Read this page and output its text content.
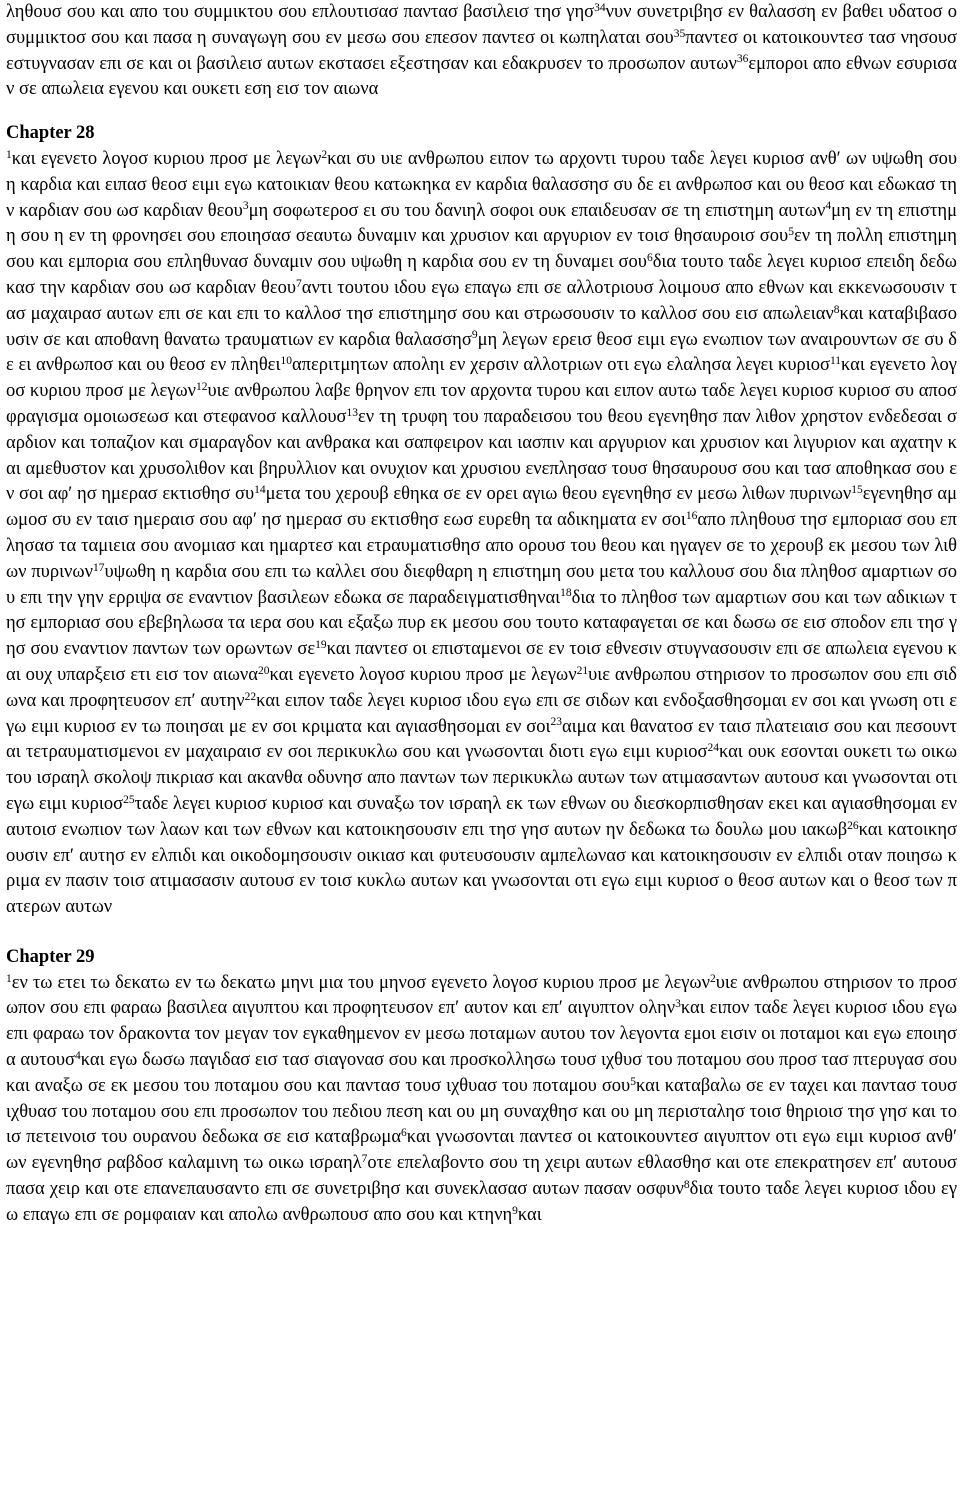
ληθουσ σου και απο του συμμικτου σου επλουτισασ παντασ βασιλεισ τησ γησ$^{34}$νυν συνετριβησ εν θαλασση εν βαθει υδατοσ ο συμμικτοσ σου και πασα η συναγωγη σου εν μεσω σου επεσον παντεσ οι κωπηλαται σου$^{35}$παντεσ οι κατοικουντεσ τασ νησουσ εστυγνασαν επι σε και οι βασιλεισ αυτων εκστασει εξεστησαν και εδακρυσεν το προσωπον αυτων$^{36}$εμποροι απο εθνων εσυρισαν σε απωλεια εγενου και ουκετι εση εισ τον αιωνα

Chapter 28

$^1$και εγενετο λογοσ κυριου προσ με λεγων$^2$και συ υιε ανθρωπου ειπον τω αρχοντι τυρου ταδε λεγει κυριοσ ανθ′ ων υψωθη σου η καρδια και ειπασ θεοσ ειμι εγω κατοικιαν θεου κατωκηκα εν καρδια θαλασσησ συ δε ει ανθρωποσ και ου θεοσ και εδωκασ την καρδιαν σου ωσ καρδιαν θεου$^3$μη σοφωτεροσ ει συ του δανιηλ σοφοι ουκ επαιδευσαν σε τη επιστημη αυτων$^4$μη εν τη επιστημη σου η εν τη φρονησει σου εποιησασ σεαυτω δυναμιν και χρυσιον και αργυριον εν τοισ θησαυροισ σου$^5$εν τη πολλη επιστημη σου και εμπορια σου επληθυνασ δυναμιν σου υψωθη η καρδια σου εν τη δυναμει σου$^6$δια τουτο ταδε λεγει κυριοσ επειδη δεδωκασ την καρδιαν σου ωσ καρδιαν θεου$^7$αντι τουτου ιδου εγω επαγω επι σε αλλοτριουσ λοιμουσ απο εθνων και εκκενωσουσιν τασ μαχαιρασ αυτων επι σε και επι το καλλοσ τησ επιστημησ σου και στρωσουσιν το καλλοσ σου εισ απωλειαν$^8$και καταβιβασουσιν σε και αποθανη θανατω τραυματιων εν καρδια θαλασσησ$^9$μη λεγων ερεισ θεοσ ειμι εγω ενωπιον των αναιρουντων σε συ δε ει ανθρωποσ και ου θεοσ εν πληθει$^{10}$απεριτμητων αποληι εν χερσιν αλλοτριων οτι εγω ελαλησα λεγει κυριοσ$^{11}$και εγενετο λογοσ κυριου προσ με λεγων$^{12}$υιε ανθρωπου λαβε θρηνον επι τον αρχοντα τυρου και ειπον αυτω ταδε λεγει κυριοσ κυριοσ συ αποσφραγισμα ομοιωσεωσ και στεφανοσ καλλουσ$^{13}$εν τη τρυφη του παραδεισου του θεου εγενηθησ παν λιθον χρηστον ενδεδεσαι σαρδιον και τοπαζιον και σμαραγδον και ανθρακα και σαπφειρον και ιασπιν και αργυριον και χρυσιον και λιγυριον και αχατην και αμεθυστον και χρυσολιθον και βηρυλλιον και ονυχιον και χρυσιου ενεπλησασ τουσ θησαυρουσ σου και τασ αποθηκασ σου εν σοι αφ′ ησ ημερασ εκτισθησ $\sigma\upsilon^{14}\mu\varepsilon\tau\alpha$ του χερουβ εθηκα σε εν ορει αγιω θεου εγενηθησ εν μεσω λιθων πυρινων$^{15}$εγενηθησ αμωμοσ συ εν ταισ ημεραισ σου αφ′ ησ ημερασ συ εκτισθησ εωσ ευρεθη τα αδικηματα εν σοι$^{16}$απο πληθουσ τησ εμποριασ σου επλησασ τα ταμιεια σου ανομιασ και ημαρτεσ και ετραυματισθησ απο ορουσ του θεου και ηγαγεν σε το χερουβ εκ μεσου των λιθων πυρινων$^{17}$υψωθη η καρδια σου επι τω καλλει σου διεφθαρη η επιστημη σου μετα του καλλουσ σου δια πληθοσ αμαρτιων σου επι την γην ερριψα σε εναντιον βασιλεων εδωκα σε παραδειγματισθηναι$^{18}$δια το πληθοσ των αμαρτιων σου και των αδικιων τησ εμποριασ σου εβεβηλωσα τα ιερα σου και εξαξω πυρ εκ μεσου σου τουτο καταφαγεται σε και δωσω σε εισ σποδον επι τησ γησ σου εναντιον παντων των ορωντων $\sigma\varepsilon^{19}\kappa\alpha\iota$ παντεσ οι επισταμενοι σε εν τοισ εθνεσιν στυγνασουσιν επι σε απωλεια εγενου και ουχ υπαρξεισ ετι εισ τον αιωνα$^{20}$και εγενετο λογοσ κυριου προσ με λεγων$^{21}$υιε ανθρωπου στηρισον το προσωπον σου επι σιδωνα και προφητευσον επ′ αυτην$^{22}$και ειπον ταδε λεγει κυριοσ ιδου εγω επι σε σιδων και ενδοξασθησομαι εν σοι και γνωση οτι εγω ειμι κυριοσ εν τω ποιησαι με εν σοι κριματα και αγιασθησομαι εν σοι$^{23}$αιμα και θανατοσ εν ταισ πλατειαισ σου και πεσουνται τετραυματισμενοι εν μαχαιραισ εν σοι περικυκλω σου και γνωσονται διοτι εγω ειμι κυριοσ$^{24}$και ουκ εσονται ουκετι τω οικω του ισραηλ σκολοψ πικριασ και ακανθα οδυνησ απο παντων των περικυκλω αυτων των ατιμασαντων αυτουσ και γνωσονται οτι εγω ειμι κυριοσ$^{25}$ταδε λεγει κυριοσ κυριοσ και συναξω τον ισραηλ εκ των εθνων ου διεσκορπισθησαν εκει και αγιασθησομαι εν αυτοισ ενωπιον των λαων και των εθνων και κατοικησουσιν επι τησ γησ αυτων ην δεδωκα τω δουλω μου ιακωβ$^{26}$και κατοικησουσιν επ′ αυτησ εν ελπιδι και οικοδομησουσιν οικιασ και φυτευσουσιν αμπελωνασ και κατοικησουσιν εν ελπιδι οταν ποιησω κριμα εν πασιν τοισ ατιμασασιν αυτουσ εν τοισ κυκλω αυτων και γνωσονται οτι εγω ειμι κυριοσ ο θεοσ αυτων και ο θεοσ των πατερων αυτων

Chapter 29

$^1$εν τω ετει τω δεκατω εν τω δεκατω μηνι μια του μηνοσ εγενετο λογοσ κυριου προσ με λεγων$^2$υιε ανθρωπου στηρισον το προσωπον σου επι φαραω βασιλεα αιγυπτου και προφητευσον επ′ αυτον και επ′ αιγυπτον ολην$^3$και ειπον ταδε λεγει κυριοσ ιδου εγω επι φαραω τον δρακοντα τον μεγαν τον εγκαθημενον εν μεσω ποταμων αυτου τον λεγοντα εμοι εισιν οι ποταμοι και εγω εποιησα αυτουσ$^4$και εγω δωσω παγιδασ εισ τασ σιαγονασ σου και προσκολλησω τουσ ιχθυσ του ποταμου σου προσ τασ πτερυγασ σου και αναξω σε εκ μεσου του ποταμου σου και παντασ τουσ ιχθυασ του ποταμου σου$^5$και καταβαλω σε εν ταχει και παντασ τουσ ιχθυασ του ποταμου σου επι προσωπον του πεδιου πεση και ου μη συναχθησ και ου μη περισταλησ τοισ θηριοισ τησ γησ και τοισ πετεινοισ του ουρανου δεδωκα σε εισ καταβρωμα$^6$και γνωσονται παντεσ οι κατοικουντεσ αιγυπτον οτι εγω ειμι κυριοσ ανθ′ ων εγενηθησ ραβδοσ καλαμινη τω οικω ισραηλ$^7$οτε επελαβοντο σου τη χειρι αυτων εθλασθησ και οτε επεκρατησεν επ′ αυτουσ πασα χειρ και οτε επανεπαυσαντο επι σε συνετριβησ και συνεκλασασ αυτων πασαν οσφυν$^8$δια τουτο ταδε λεγει κυριοσ ιδου εγω επαγω επι σε ρομφαιαν και απολω ανθρωπουσ απο σου και κτηνη$^9$και
